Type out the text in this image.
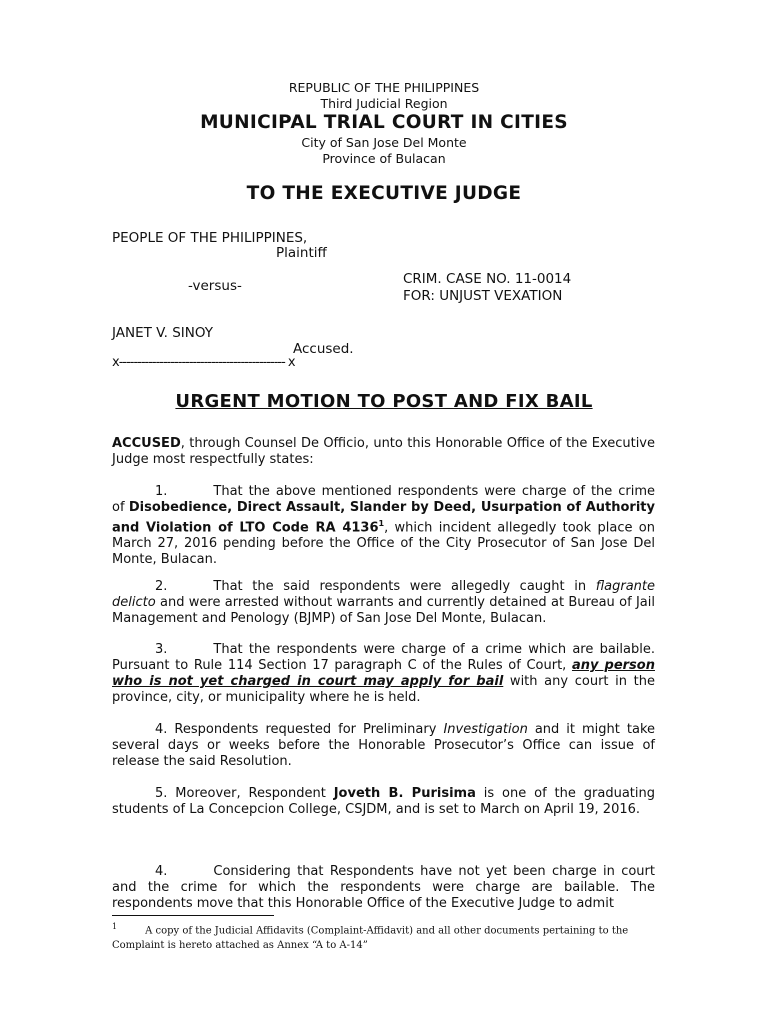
REPUBLIC OF THE PHILIPPINES
Third Judicial Region
MUNICIPAL TRIAL COURT IN CITIES
City of San Jose Del Monte
Province of Bulacan
TO THE EXECUTIVE JUDGE
PEOPLE OF THE PHILIPPINES,
Plaintiff
-versus-	CRIM. CASE NO. 11-0014
FOR: UNJUST VEXATION
JANET V. SINOY
Accused.
x--------------------------------------------- x
URGENT MOTION TO POST AND FIX BAIL
ACCUSED, through Counsel De Officio, unto this Honorable Office of the Executive Judge most respectfully states:
1.	That the above mentioned respondents were charge of the crime of Disobedience, Direct Assault, Slander by Deed, Usurpation of Authority and Violation of LTO Code RA 4136$^1$, which incident allegedly took place on March 27, 2016 pending before the Office of the City Prosecutor of San Jose Del Monte, Bulacan.
2.	That the said respondents were allegedly caught in flagrante delicto and were arrested without warrants and currently detained at Bureau of Jail Management and Penology (BJMP) of San Jose Del Monte, Bulacan.
3.	That the respondents were charge of a crime which are bailable. Pursuant to Rule 114 Section 17 paragraph C of the Rules of Court, any person who is not yet charged in court may apply for bail with any court in the province, city, or municipality where he is held.
4. Respondents requested for Preliminary Investigation and it might take several days or weeks before the Honorable Prosecutor’s Office can issue of release the said Resolution.
5. Moreover, Respondent Joveth B. Purisima is one of the graduating students of La Concepcion College, CSJDM, and is set to March on April 19, 2016.
4.	Considering that Respondents have not yet been charge in court and the crime for which the respondents were charge are bailable. The respondents move that this Honorable Office of the Executive Judge to admit
$^1$	A copy of the Judicial Affidavits (Complaint-Affidavit) and all other documents pertaining to the Complaint is hereto attached as Annex “A to A-14”
